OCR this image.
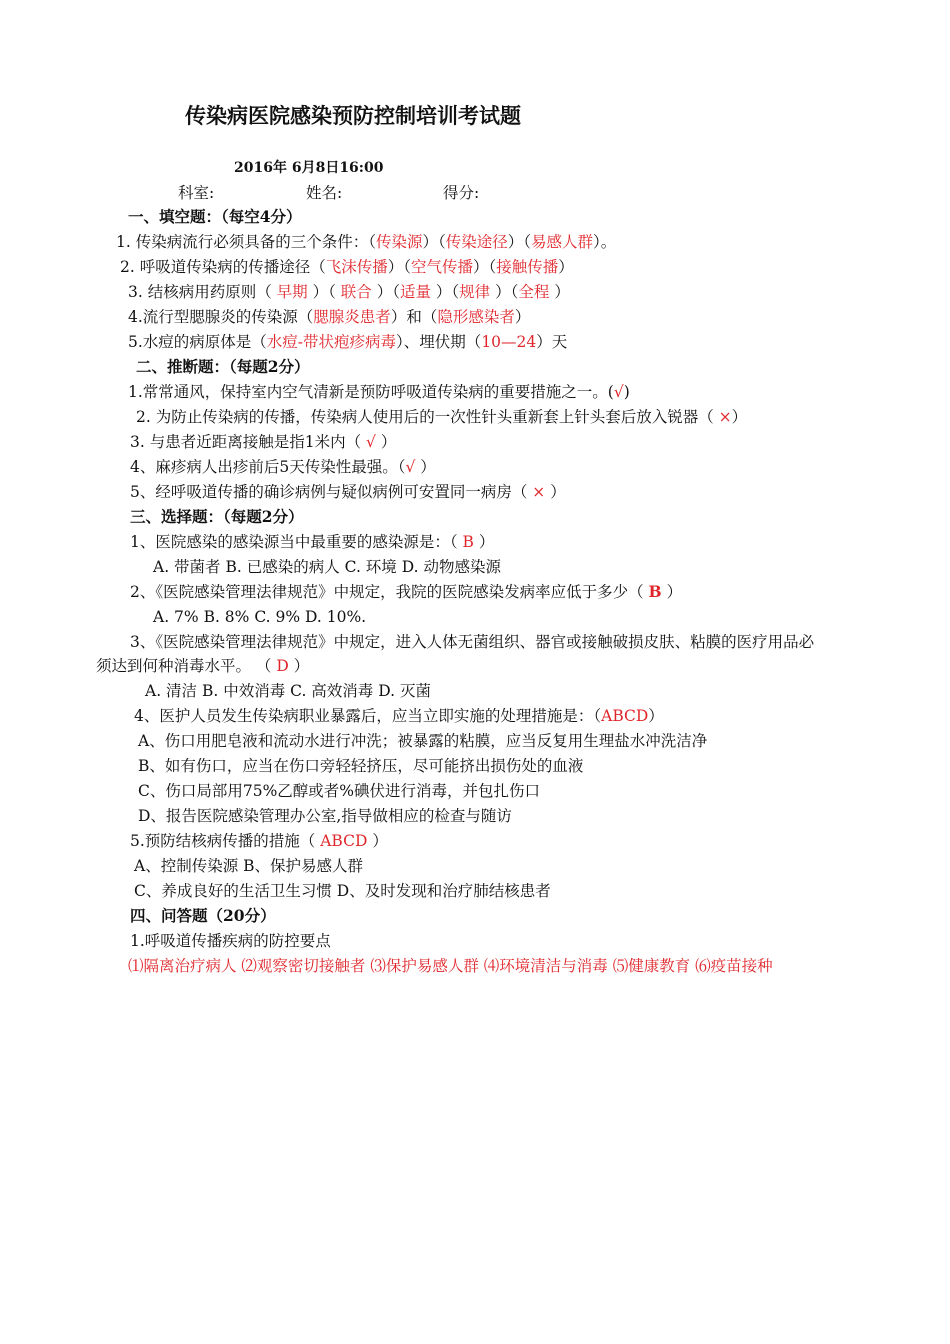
传染病医院感染预防控制培训考试题
2016年 6月8日16:00
科室:	姓名:	得分:
一、填空题：（每空4分）
1. 传染病流行必须具备的三个条件：（传染源）（传染途径）（易感人群）。
2. 呼吸道传染病的传播途径（飞沫传播）（空气传播）（接触传播）
3. 结核病用药原则（ 早期 ）（ 联合 ）（适量 ）（规律 ）（全程 ）
4.流行型腮腺炎的传染源（腮腺炎患者）和（隐形感染者）
5.水痘的病原体是（水痘-带状疱疹病毒）、埋伏期（10—24）天
二、推断题：（每题2分）
1.常常通风，保持室内空气清新是预防呼吸道传染病的重要措施之一。(√)
2. 为防止传染病的传播，传染病人使用后的一次性针头重新套上针头套后放入锐器（ ×）
3. 与患者近距离接触是指1米内（ √ ）
4、麻疹病人出疹前后5天传染性最强。（√ ）
5、经呼吸道传播的确诊病例与疑似病例可安置同一病房（ × ）
三、选择题：（每题2分）
1、医院感染的感染源当中最重要的感染源是：（ B ）
A. 带菌者 B. 已感染的病人 C. 环境 D. 动物感染源
2、《医院感染管理法律规范》中规定，我院的医院感染发病率应低于多少（ B ）
A. 7% B. 8% C. 9% D. 10%.
3、《医院感染管理法律规范》中规定，进入人体无菌组织、器官或接触破损皮肤、粘膜的医疗用品必
须达到何种消毒水平。 （ D ）
A. 清洁 B. 中效消毒 C. 高效消毒 D. 灭菌
4、医护人员发生传染病职业暴露后，应当立即实施的处理措施是：（ABCD）
A、伤口用肥皂液和流动水进行冲洗；被暴露的粘膜，应当反复用生理盐水冲洗洁净
B、如有伤口，应当在伤口旁轻轻挤压，尽可能挤出损伤处的血液
C、伤口局部用75%乙醇或者%碘伏进行消毒，并包扎伤口
D、报告医院感染管理办公室,指导做相应的检查与随访
5.预防结核病传播的措施（ ABCD ）
A、控制传染源 B、保护易感人群
C、养成良好的生活卫生习惯 D、及时发现和治疗肺结核患者
四、问答题（20分）
1.呼吸道传播疾病的防控要点
⑴隔离治疗病人 ⑵观察密切接触者 ⑶保护易感人群 ⑷环境清洁与消毒 ⑸健康教育 ⑹疫苗接种
